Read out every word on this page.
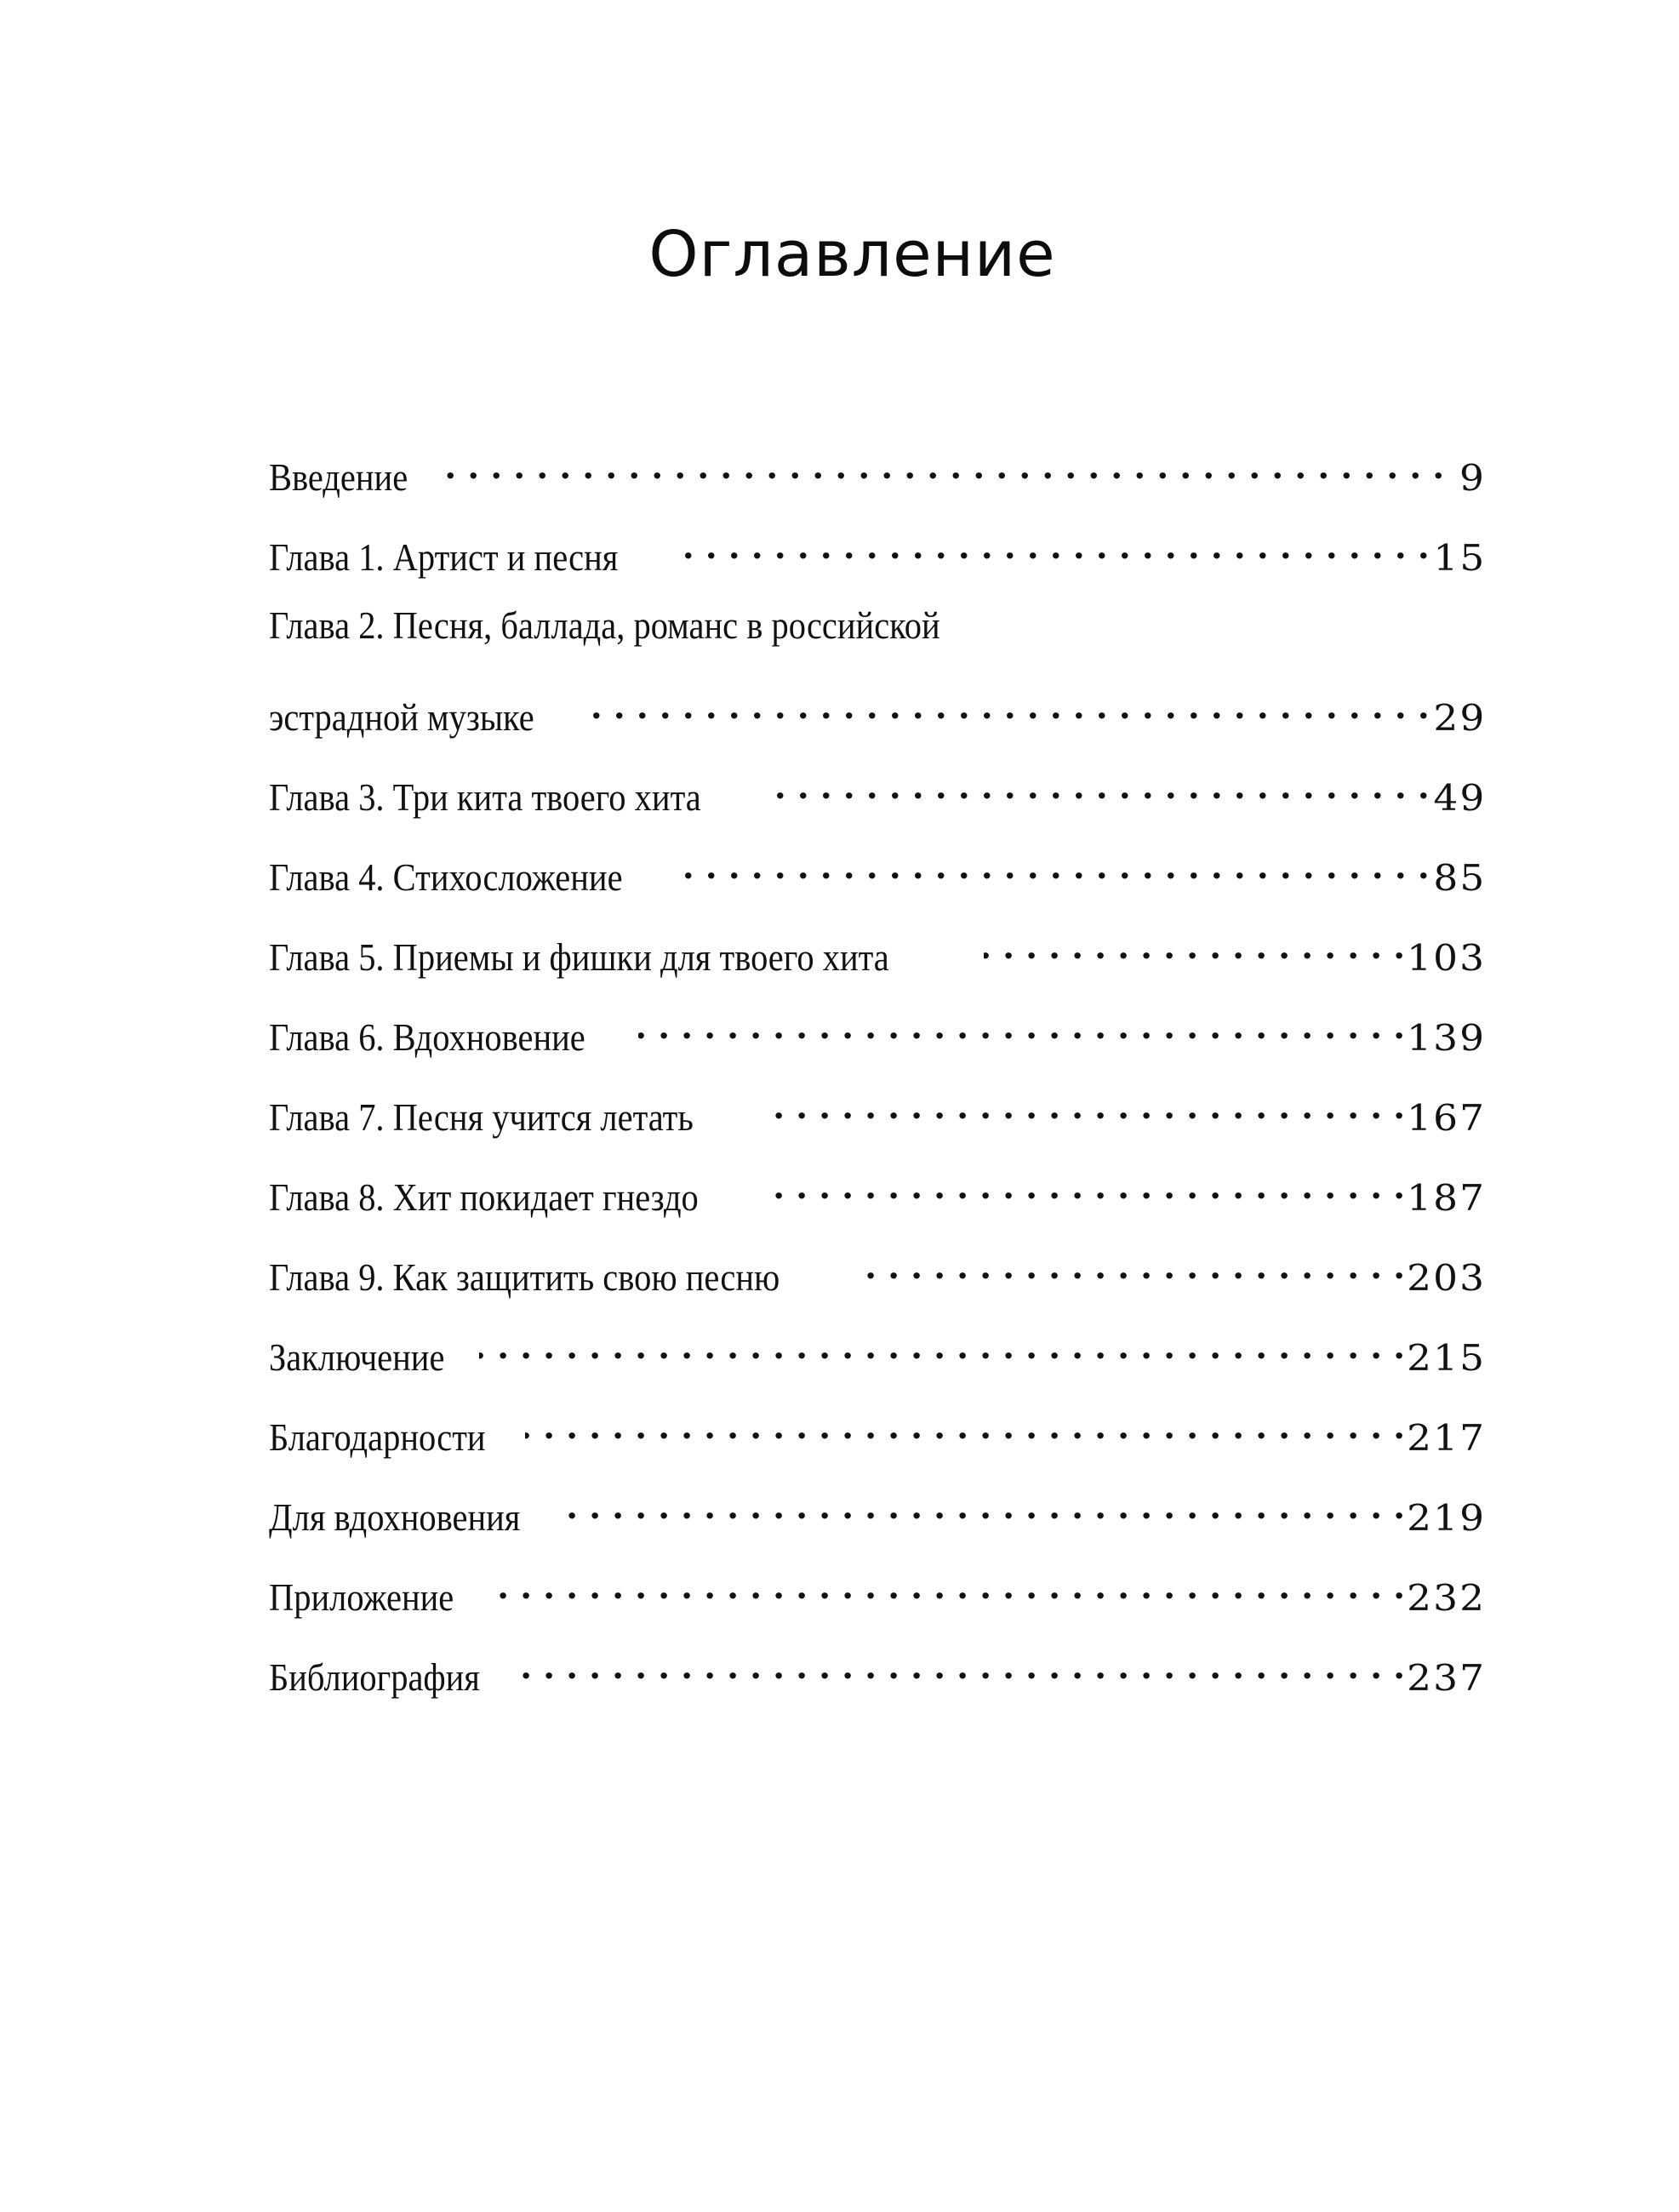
Оглавление
Введение . . .	9
Глава 1. Артист и песня . . .	15
Глава 2. Песня, баллада, романс в российской
эстрадной музыке . . .	29
Глава 3. Три кита твоего хита . . .	49
Глава 4. Стихосложение . . .	85
Глава 5. Приемы и фишки для твоего хита . . .	103
Глава 6. Вдохновение . . .	139
Глава 7. Песня учится летать . . .	167
Глава 8. Хит покидает гнездо . . .	187
Глава 9. Как защитить свою песню . . .	203
Заключение . . .	215
Благодарности . . .	217
Для вдохновения . . .	219
Приложение . . .	232
Библиография . . .	237
